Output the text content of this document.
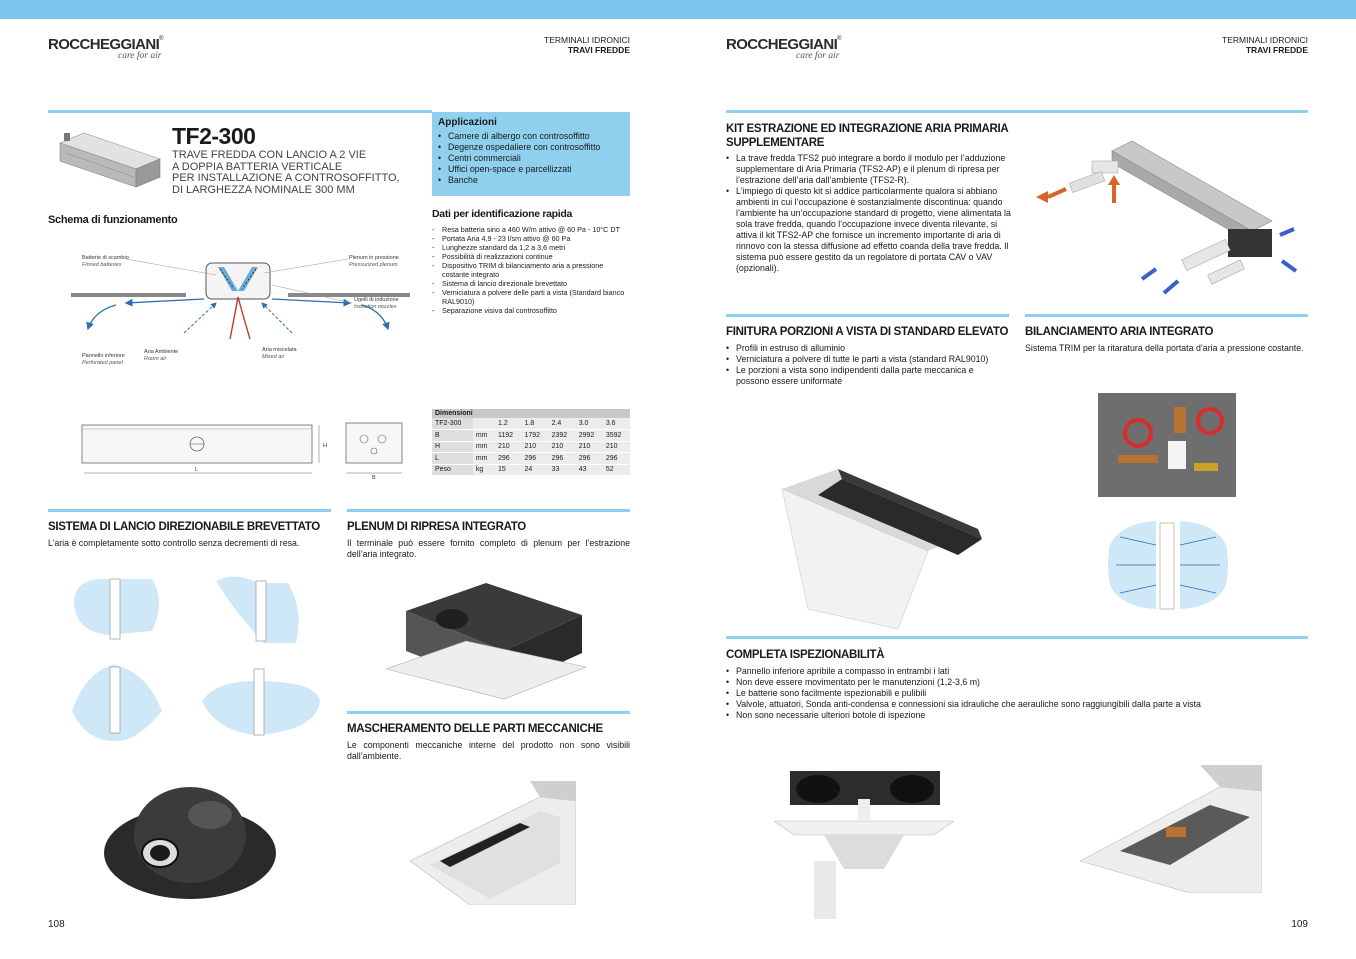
ROCCHEGGIANI®
care for air
TERMINALI IDRONICI
TRAVI FREDDE
TF2-300
TRAVE FREDDA CON LANCIO A 2 VIE
A DOPPIA BATTERIA VERTICALE
PER INSTALLAZIONE A CONTROSOFFITTO,
DI LARGHEZZA NOMINALE 300 MM
Applicazioni
• Camere di albergo con controsoffitto
• Degenze ospedaliere con controsoffitto
• Centri commerciali
• Uffici open-space e parcellizzati
• Banche
Schema di funzionamento
Batterie di scambio
Finned batteries
Plenum in pressione
Pressurized plenum
Ugelli di induzione
Induction nozzles
Pannello inferiore
Perforated panel
Aria miscelata
Mixed air
Aria Ambiente
Room air
Dati per identificazione rapida
- Resa batteria sino a 460 W/m attivo @ 60 Pa - 10°C DT
- Portata Aria 4,9 - 23 l/sm attivo @ 60 Pa
- Lunghezze standard da 1,2 a 3,6 metri
- Possibilità di realizzazioni continue
- Dispositivo TRIM di bilanciamento aria a pressione costante integrato
- Sistema di lancio direzionale brevettato
- Verniciatura a polvere delle parti a vista (Standard bianco RAL9010)
- Separazione visiva dal controsoffitto
H
L
B
Dimensioni						
TF2-300		1.2	1.8	2.4	3.0	3.6
B	mm	1192	1792	2392	2992	3592
H	mm	210	210	210	210	210
L	mm	296	296	296	296	296
Peso	kg	15	24	33	43	52
SISTEMA DI LANCIO DIREZIONABILE BREVETTATO
L’aria è completamente sotto controllo senza decrementi di resa.
PLENUM DI RIPRESA INTEGRATO
Il terminale può essere fornito completo di plenum per l’estrazione dell’aria integrato.
MASCHERAMENTO DELLE PARTI MECCANICHE
Le componenti meccaniche interne del prodotto non sono visibili dall’ambiente.
108
ROCCHEGGIANI®
care for air
TERMINALI IDRONICI
TRAVI FREDDE
KIT ESTRAZIONE ED INTEGRAZIONE ARIA PRIMARIA SUPPLEMENTARE
• La trave fredda TFS2 può integrare a bordo il modulo per l’adduzione supplementare di Aria Primaria (TFS2-AP) e il plenum di ripresa per l’estrazione dell’aria dall’ambiente (TFS2-R).
• L’impiego di questo kit si addice particolarmente qualora si abbiano ambienti in cui l’occupazione è sostanzialmente discontinua: quando l’ambiente ha un’occupazione standard di progetto, viene alimentata la sola trave fredda, quando l’occupazione invece diventa rilevante, si attiva il kit TFS2-AP che fornisce un incremento importante di aria di rinnovo con la stessa diffusione ad effetto coanda della trave fredda. Il sistema può essere gestito da un regolatore di portata CAV o VAV (opzionali).
FINITURA PORZIONI A VISTA DI STANDARD ELEVATO
• Profili in estruso di alluminio
• Verniciatura a polvere di tutte le parti a vista (standard RAL9010)
• Le porzioni a vista sono indipendenti dalla parte meccanica e possono essere uniformate
BILANCIAMENTO ARIA INTEGRATO
Sistema TRIM per la ritaratura della portata d’aria a pressione costante.
COMPLETA ISPEZIONABILITÀ
• Pannello inferiore apribile a compasso in entrambi i lati
• Non deve essere movimentato per le manutenzioni (1,2-3,6 m)
• Le batterie sono facilmente ispezionabili e pulibili
• Valvole, attuatori, Sonda anti-condensa e connessioni sia idrauliche che aerauliche sono raggiungibili dalla parte a vista
• Non sono necessarie ulteriori botole di ispezione
109
